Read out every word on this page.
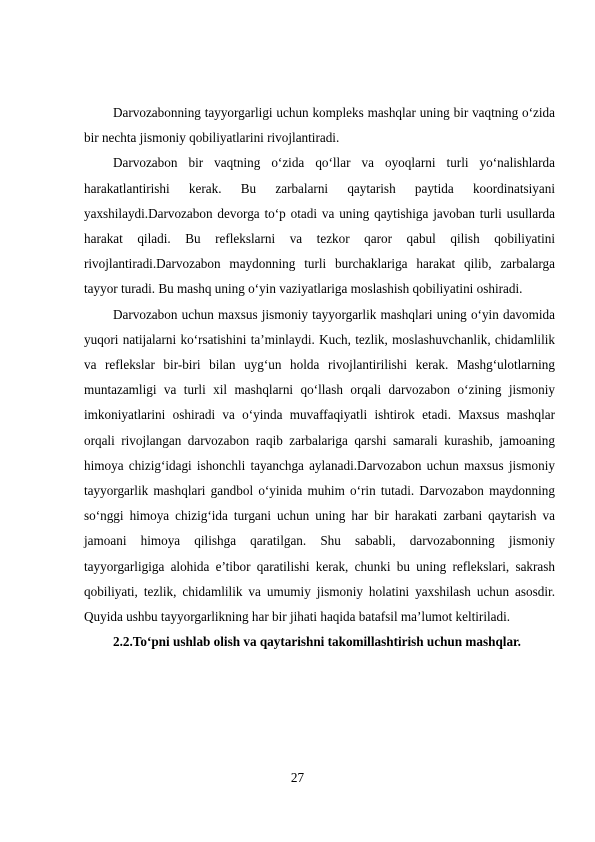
Darvozabonning tayyorgarligi uchun kompleks mashqlar uning bir vaqtning o‘zida bir nechta jismoniy qobiliyatlarini rivojlantiradi.

Darvozabon bir vaqtning o‘zida qo‘llar va oyoqlarni turli yo‘nalishlarda harakatlantirishi kerak. Bu zarbalarni qaytarish paytida koordinatsiyani yaxshilaydi.Darvozabon devorga to‘p otadi va uning qaytishiga javoban turli usullarda harakat qiladi. Bu reflekslarni va tezkor qaror qabul qilish qobiliyatini rivojlantiradi.Darvozabon maydonning turli burchaklariga harakat qilib, zarbalarga tayyor turadi. Bu mashq uning o‘yin vaziyatlariga moslashish qobiliyatini oshiradi.

Darvozabon uchun maxsus jismoniy tayyorgarlik mashqlari uning o‘yin davomida yuqori natijalarni ko‘rsatishini ta’minlaydi. Kuch, tezlik, moslashuvchanlik, chidamlilik va reflekslar bir-biri bilan uyg‘un holda rivojlantirilishi kerak. Mashg‘ulotlarning muntazamligi va turli xil mashqlarni qo‘llash orqali darvozabon o‘zining jismoniy imkoniyatlarini oshiradi va o‘yinda muvaffaqiyatli ishtirok etadi. Maxsus mashqlar orqali rivojlangan darvozabon raqib zarbalariga qarshi samarali kurashib, jamoaning himoya chizig‘idagi ishonchli tayanchga aylanadi.Darvozabon uchun maxsus jismoniy tayyorgarlik mashqlari gandbol o‘yinida muhim o‘rin tutadi. Darvozabon maydonning so‘nggi himoya chizig‘ida turgani uchun uning har bir harakati zarbani qaytarish va jamoani himoya qilishga qaratilgan. Shu sababli, darvozabonning jismoniy tayyorgarligiga alohida e’tibor qaratilishi kerak, chunki bu uning reflekslari, sakrash qobiliyati, tezlik, chidamlilik va umumiy jismoniy holatini yaxshilash uchun asosdir. Quyida ushbu tayyorgarlikning har bir jihati haqida batafsil ma’lumot keltiriladi.

2.2.To‘pni ushlab olish va qaytarishni takomillashtirish uchun mashqlar.

27
